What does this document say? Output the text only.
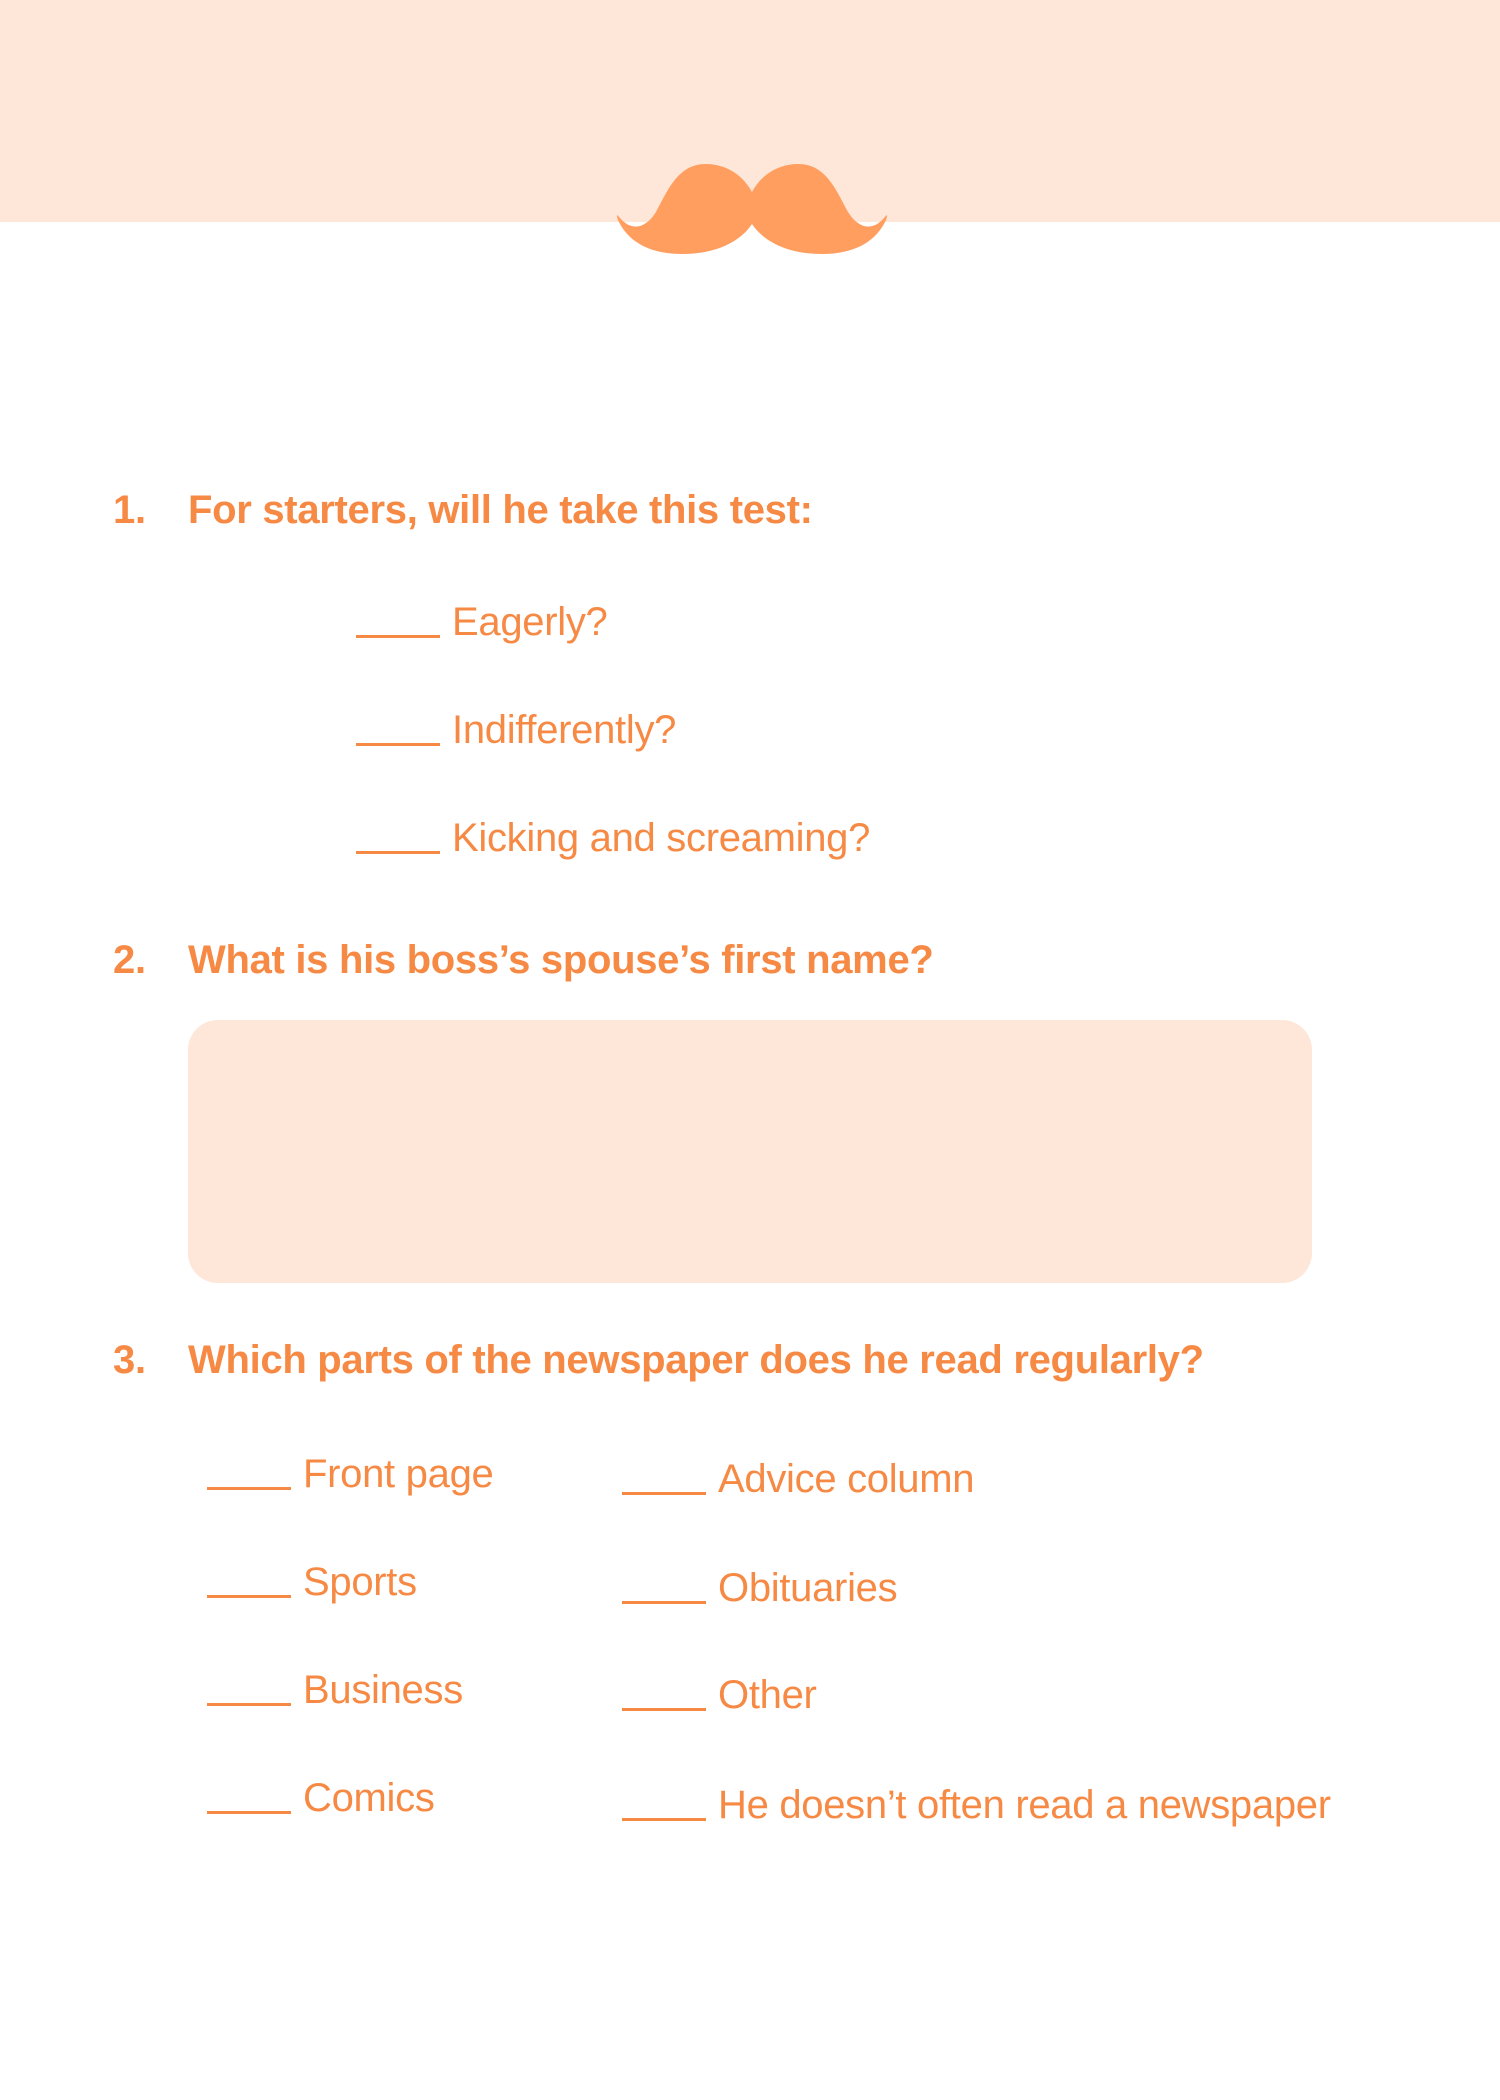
1. For starters, will he take this test:
Eagerly?
Indifferently?
Kicking and screaming?
2. What is his boss’s spouse’s first name?
3. Which parts of the newspaper does he read regularly?
Front page
Sports
Business
Comics
Advice column
Obituaries
Other
He doesn’t often read a newspaper
